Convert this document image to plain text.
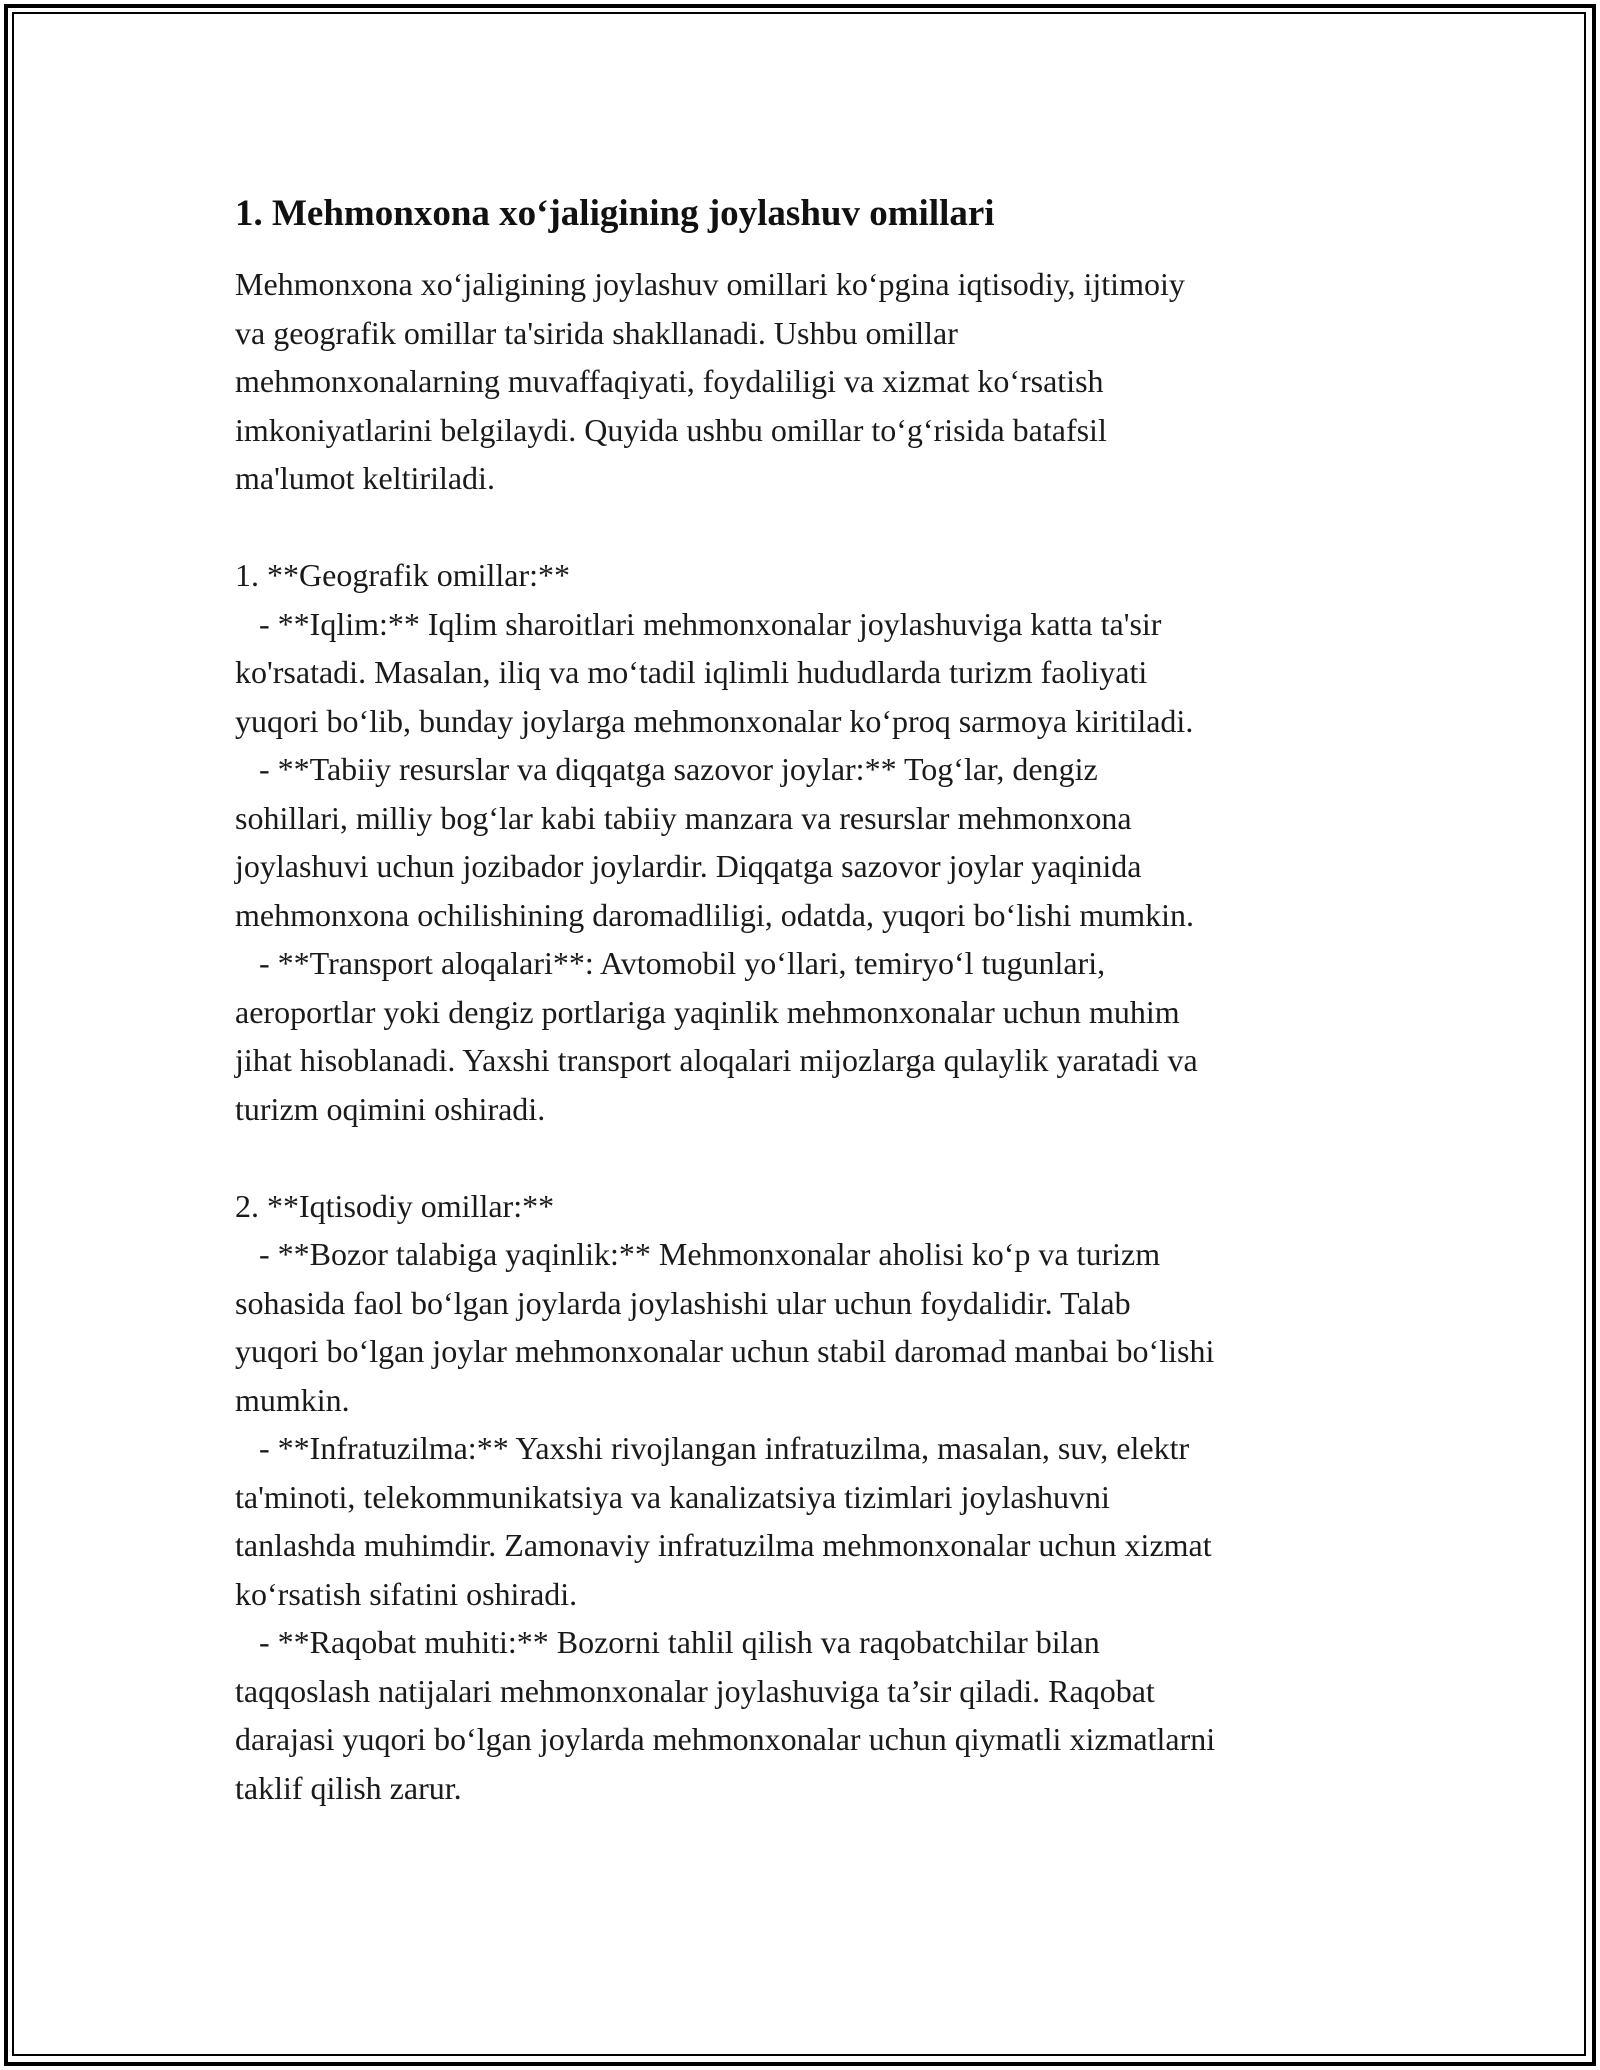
1. Mehmonxona xo‘jaligining joylashuv omillari

Mehmonxona xo‘jaligining joylashuv omillari ko‘pgina iqtisodiy, ijtimoiy
va geografik omillar ta'sirida shakllanadi. Ushbu omillar
mehmonxonalarning muvaffaqiyati, foydaliligi va xizmat ko‘rsatish
imkoniyatlarini belgilaydi. Quyida ushbu omillar to‘g‘risida batafsil
ma'lumot keltiriladi.

1. **Geografik omillar:**
- **Iqlim:** Iqlim sharoitlari mehmonxonalar joylashuviga katta ta'sir
ko'rsatadi. Masalan, iliq va mo‘tadil iqlimli hududlarda turizm faoliyati
yuqori bo‘lib, bunday joylarga mehmonxonalar ko‘proq sarmoya kiritiladi.
- **Tabiiy resurslar va diqqatga sazovor joylar:** Tog‘lar, dengiz
sohillari, milliy bog‘lar kabi tabiiy manzara va resurslar mehmonxona
joylashuvi uchun jozibador joylardir. Diqqatga sazovor joylar yaqinida
mehmonxona ochilishining daromadliligi, odatda, yuqori bo‘lishi mumkin.
- **Transport aloqalari**: Avtomobil yo‘llari, temiryo‘l tugunlari,
aeroportlar yoki dengiz portlariga yaqinlik mehmonxonalar uchun muhim
jihat hisoblanadi. Yaxshi transport aloqalari mijozlarga qulaylik yaratadi va
turizm oqimini oshiradi.

2. **Iqtisodiy omillar:**
- **Bozor talabiga yaqinlik:** Mehmonxonalar aholisi ko‘p va turizm
sohasida faol bo‘lgan joylarda joylashishi ular uchun foydalidir. Talab
yuqori bo‘lgan joylar mehmonxonalar uchun stabil daromad manbai bo‘lishi
mumkin.
- **Infratuzilma:** Yaxshi rivojlangan infratuzilma, masalan, suv, elektr
ta'minoti, telekommunikatsiya va kanalizatsiya tizimlari joylashuvni
tanlashda muhimdir. Zamonaviy infratuzilma mehmonxonalar uchun xizmat
ko‘rsatish sifatini oshiradi.
- **Raqobat muhiti:** Bozorni tahlil qilish va raqobatchilar bilan
taqqoslash natijalari mehmonxonalar joylashuviga ta’sir qiladi. Raqobat
darajasi yuqori bo‘lgan joylarda mehmonxonalar uchun qiymatli xizmatlarni
taklif qilish zarur.
